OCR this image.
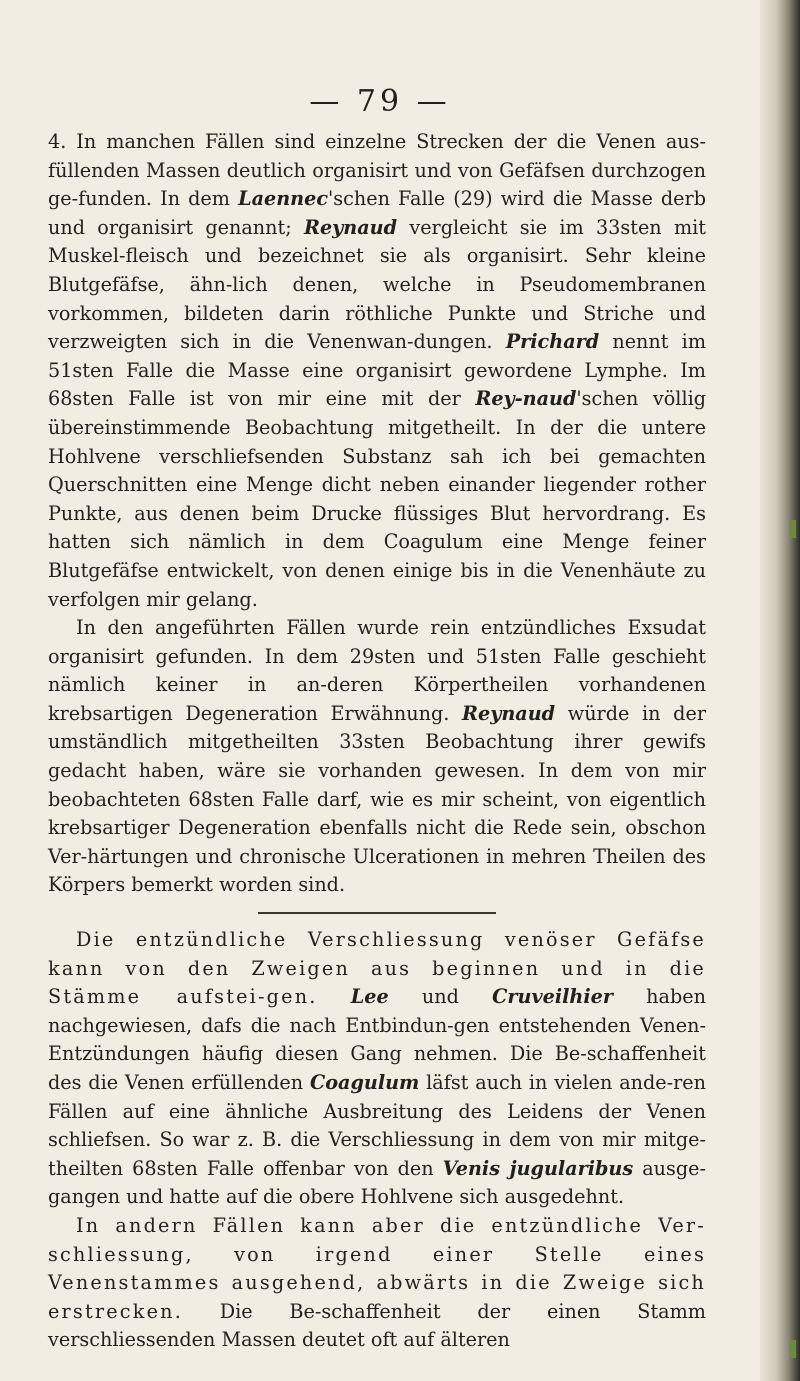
— 79 —

4. In manchen Fällen sind einzelne Strecken der die Venen aus-füllenden Massen deutlich organisirt und von Gefäfsen durchzogen ge-funden. In dem Laennec'schen Falle (29) wird die Masse derb und organisirt genannt; Reynaud vergleicht sie im 33sten mit Muskel-fleisch und bezeichnet sie als organisirt. Sehr kleine Blutgefäfse, ähn-lich denen, welche in Pseudomembranen vorkommen, bildeten darin röthliche Punkte und Striche und verzweigten sich in die Venenwan-dungen. Prichard nennt im 51sten Falle die Masse eine organisirt gewordene Lymphe. Im 68sten Falle ist von mir eine mit der Rey-naud'schen völlig übereinstimmende Beobachtung mitgetheilt. In der die untere Hohlvene verschliefsenden Substanz sah ich bei gemachten Querschnitten eine Menge dicht neben einander liegender rother Punkte, aus denen beim Drucke flüssiges Blut hervordrang. Es hatten sich nämlich in dem Coagulum eine Menge feiner Blutgefäfse entwickelt, von denen einige bis in die Venenhäute zu verfolgen mir gelang.

In den angeführten Fällen wurde rein entzündliches Exsudat organisirt gefunden. In dem 29sten und 51sten Falle geschieht nämlich keiner in an-deren Körpertheilen vorhandenen krebsartigen Degeneration Erwähnung. Reynaud würde in der umständlich mitgetheilten 33sten Beobachtung ihrer gewifs gedacht haben, wäre sie vorhanden gewesen. In dem von mir beobachteten 68sten Falle darf, wie es mir scheint, von eigentlich krebsartiger Degeneration ebenfalls nicht die Rede sein, obschon Ver-härtungen und chronische Ulcerationen in mehren Theilen des Körpers bemerkt worden sind.

Die entzündliche Verschliessung venöser Gefäfse kann von den Zweigen aus beginnen und in die Stämme aufstei-gen. Lee und Cruveilhier haben nachgewiesen, dafs die nach Entbindun-gen entstehenden Venen-Entzündungen häufig diesen Gang nehmen. Die Be-schaffenheit des die Venen erfüllenden Coagulum läfst auch in vielen ande-ren Fällen auf eine ähnliche Ausbreitung des Leidens der Venen schliefsen. So war z. B. die Verschliessung in dem von mir mitge-theilten 68sten Falle offenbar von den Venis jugularibus ausge-gangen und hatte auf die obere Hohlvene sich ausgedehnt.

In andern Fällen kann aber die entzündliche Ver-schliessung, von irgend einer Stelle eines Venenstammes ausgehend, abwärts in die Zweige sich erstrecken. Die Be-schaffenheit der einen Stamm verschliessenden Massen deutet oft auf älteren
